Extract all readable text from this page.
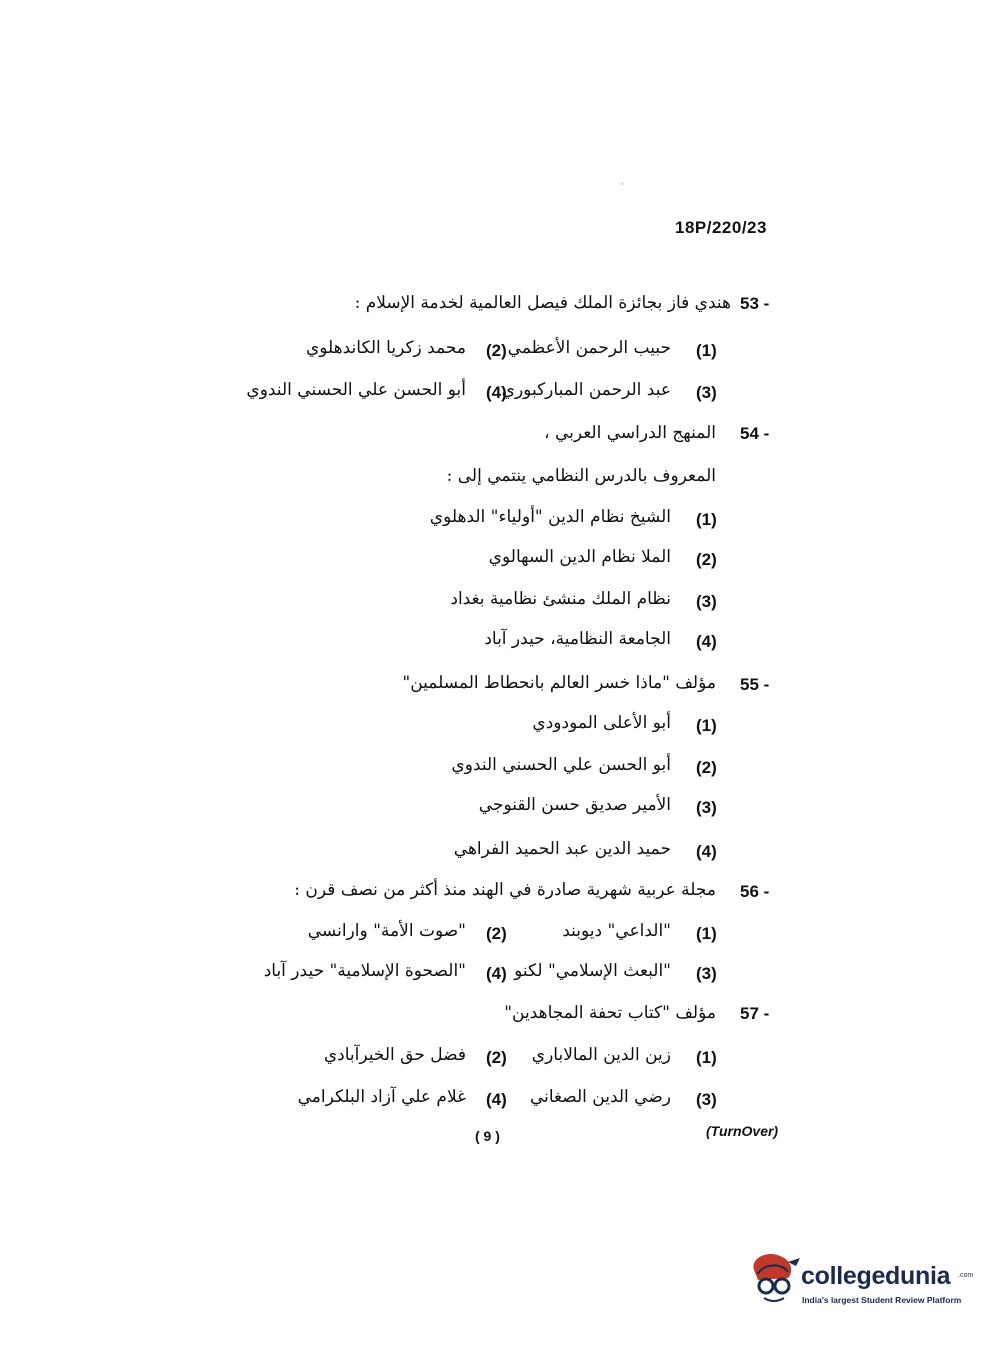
·
18P/220/23
53 -
هندي فاز بجائزة الملك فيصل العالمية لخدمة الإسلام :
(1)
حبيب الرحمن الأعظمي
(2)
محمد زكريا الكاندهلوي
(3)
عبد الرحمن المباركبوري
(4)
أبو الحسن علي الحسني الندوي
54 -
المنهج الدراسي العربي ،
المعروف بالدرس النظامي ينتمي إلى :
(1)
الشيخ نظام الدين "أولياء" الدهلوي
(2)
الملا نظام الدين السهالوي
(3)
نظام الملك منشئ نظامية بغداد
(4)
الجامعة النظامية، حيدر آباد
55 -
مؤلف "ماذا خسر العالم بانحطاط المسلمين"
(1)
أبو الأعلى المودودي
(2)
أبو الحسن علي الحسني الندوي
(3)
الأمير صديق حسن القنوجي
(4)
حميد الدين عبد الحميد الفراهي
56 -
مجلة عربية شهرية صادرة في الهند منذ أكثر من نصف قرن :
(1)
"الداعي" ديوبند
(2)
"صوت الأمة" وارانسي
(3)
"البعث الإسلامي" لكنو
(4)
"الصحوة الإسلامية" حيدر آباد
57 -
مؤلف "كتاب تحفة المجاهدين"
(1)
زين الدين المالاباري
(2)
فضل حق الخيرآبادي
(3)
رضي الدين الصغاني
(4)
غلام علي آزاد البلكرامي
( 9 )	(TurnOver)
collegedunia .com
India's largest Student Review Platform
